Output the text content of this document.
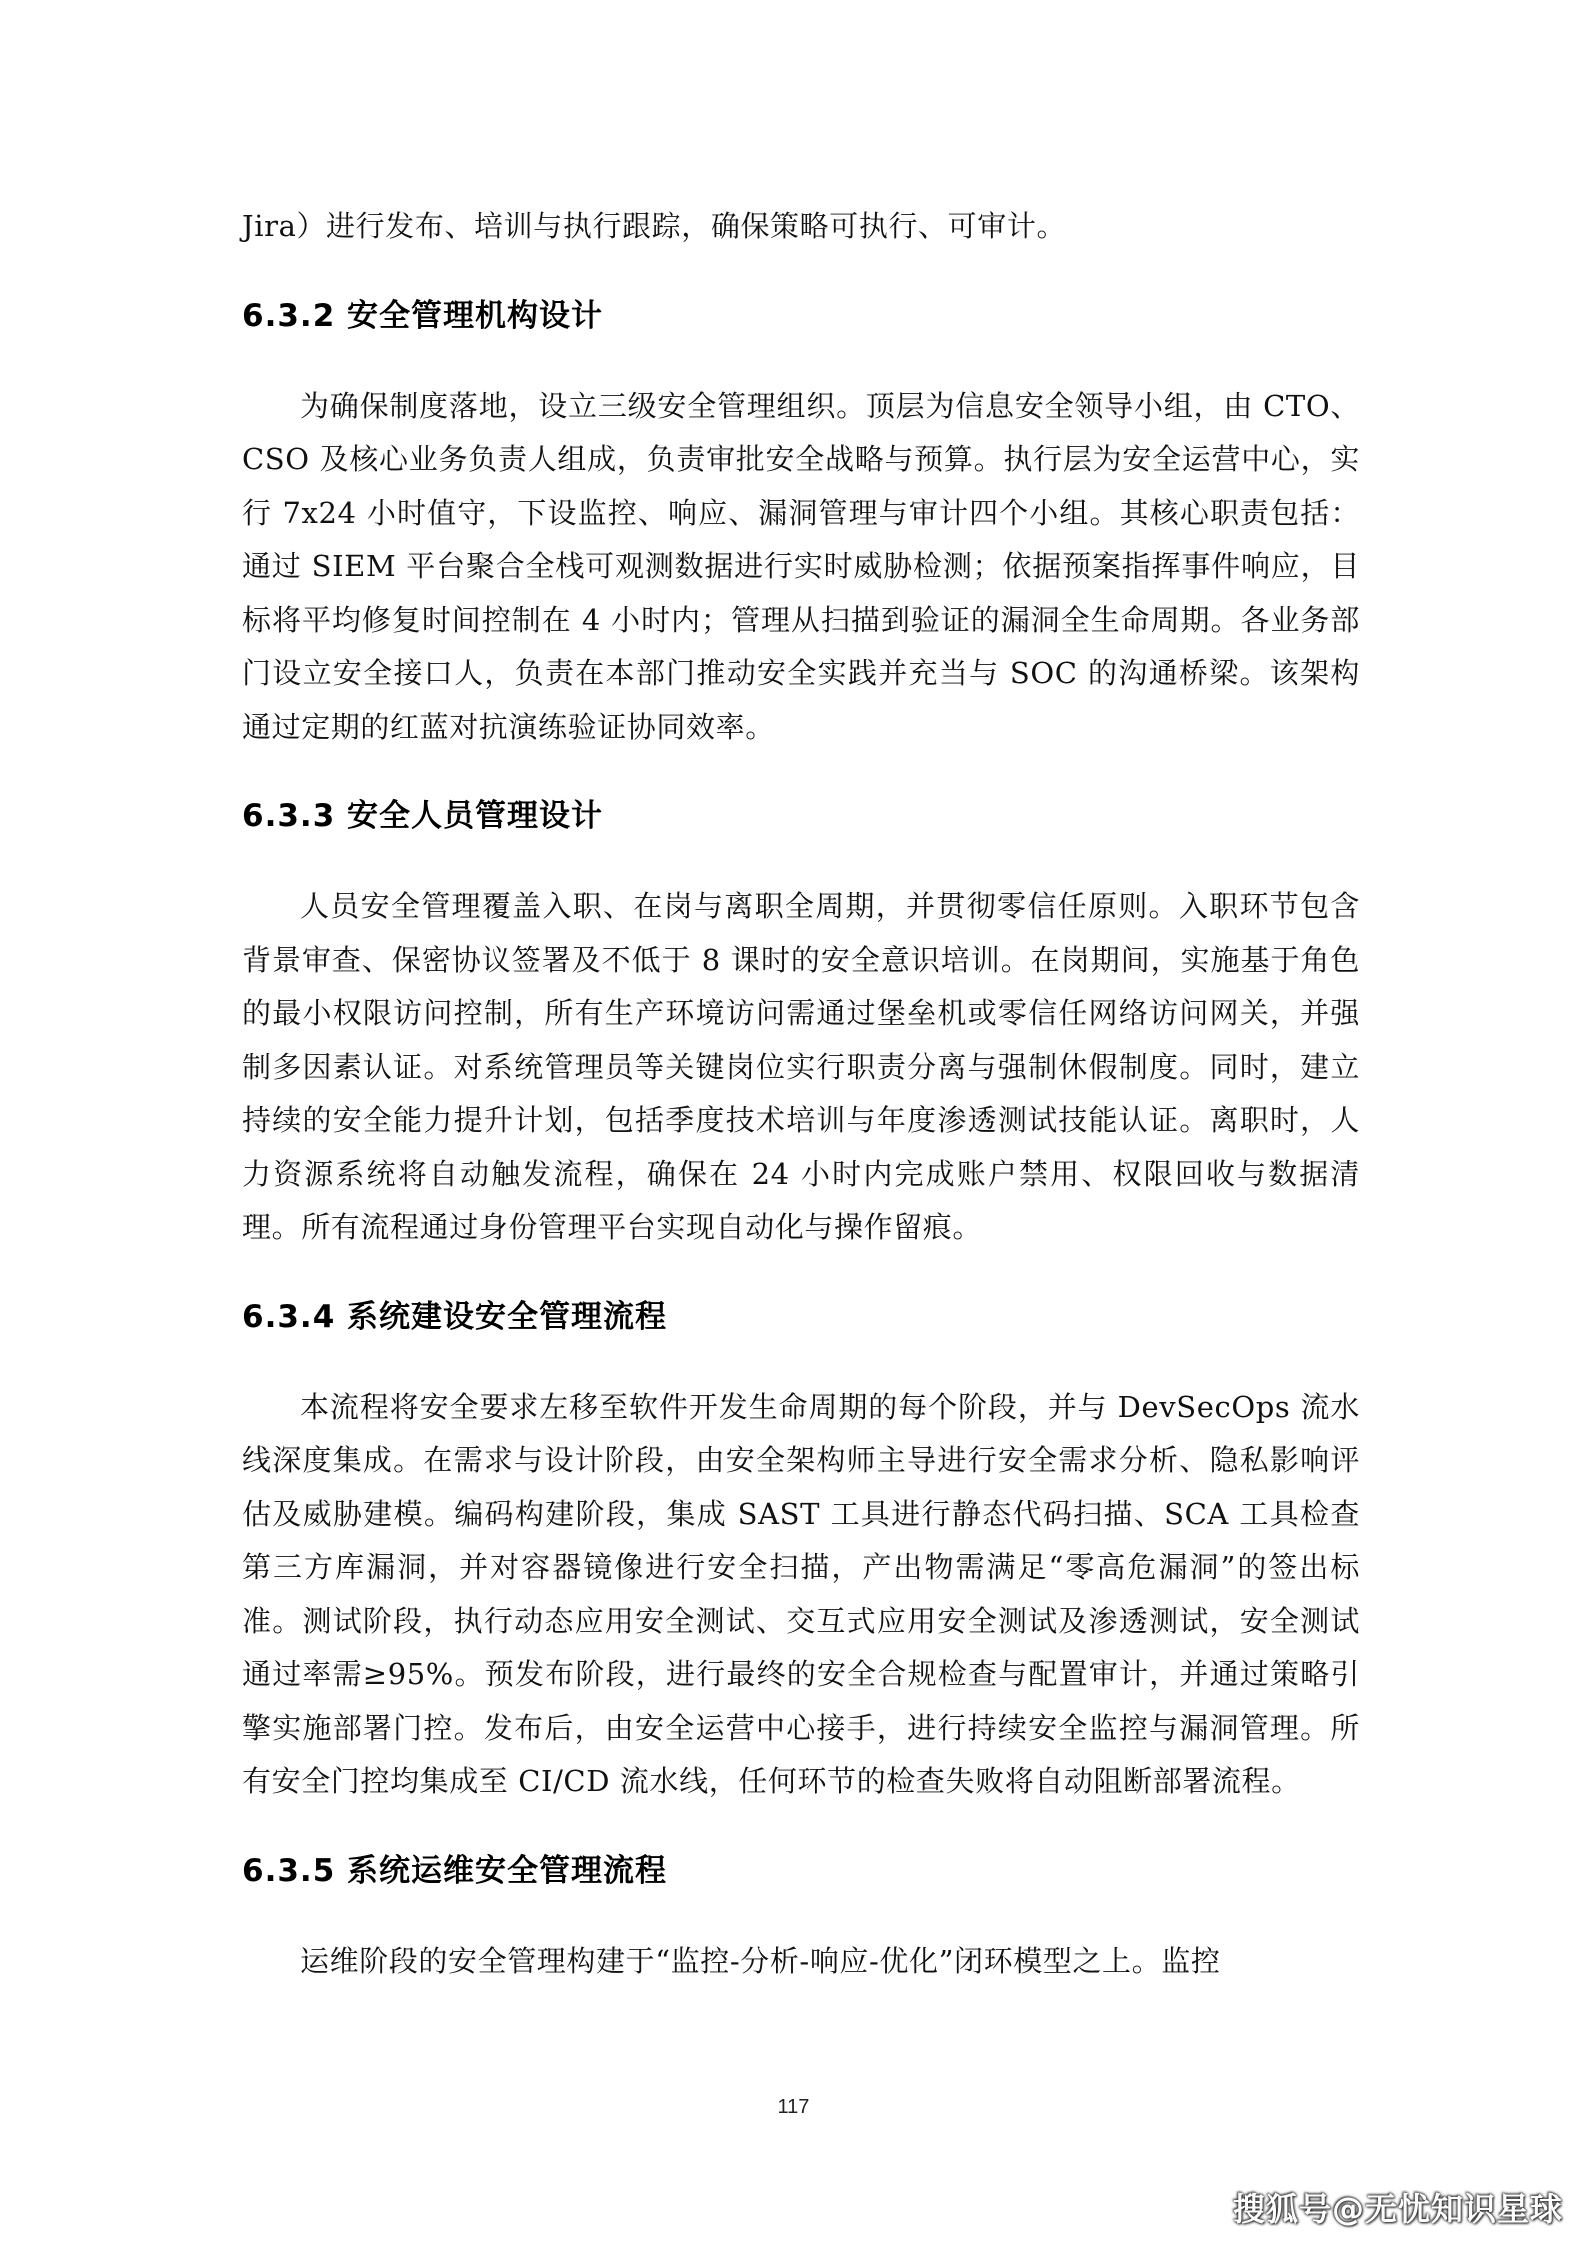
Jira）进行发布、培训与执行跟踪，确保策略可执行、可审计。

6.3.2 安全管理机构设计

为确保制度落地，设立三级安全管理组织。顶层为信息安全领导小组，由 CTO、CSO 及核心业务负责人组成，负责审批安全战略与预算。执行层为安全运营中心，实行 7x24 小时值守，下设监控、响应、漏洞管理与审计四个小组。其核心职责包括：通过 SIEM 平台聚合全栈可观测数据进行实时威胁检测；依据预案指挥事件响应，目标将平均修复时间控制在 4 小时内；管理从扫描到验证的漏洞全生命周期。各业务部门设立安全接口人，负责在本部门推动安全实践并充当与 SOC 的沟通桥梁。该架构通过定期的红蓝对抗演练验证协同效率。

6.3.3 安全人员管理设计

人员安全管理覆盖入职、在岗与离职全周期，并贯彻零信任原则。入职环节包含背景审查、保密协议签署及不低于 8 课时的安全意识培训。在岗期间，实施基于角色的最小权限访问控制，所有生产环境访问需通过堡垒机或零信任网络访问网关，并强制多因素认证。对系统管理员等关键岗位实行职责分离与强制休假制度。同时，建立持续的安全能力提升计划，包括季度技术培训与年度渗透测试技能认证。离职时，人力资源系统将自动触发流程，确保在 24 小时内完成账户禁用、权限回收与数据清理。所有流程通过身份管理平台实现自动化与操作留痕。

6.3.4 系统建设安全管理流程

本流程将安全要求左移至软件开发生命周期的每个阶段，并与 DevSecOps 流水线深度集成。在需求与设计阶段，由安全架构师主导进行安全需求分析、隐私影响评估及威胁建模。编码构建阶段，集成 SAST 工具进行静态代码扫描、SCA 工具检查第三方库漏洞，并对容器镜像进行安全扫描，产出物需满足“零高危漏洞”的签出标准。测试阶段，执行动态应用安全测试、交互式应用安全测试及渗透测试，安全测试通过率需≥95%。预发布阶段，进行最终的安全合规检查与配置审计，并通过策略引擎实施部署门控。发布后，由安全运营中心接手，进行持续安全监控与漏洞管理。所有安全门控均集成至 CI/CD 流水线，任何环节的检查失败将自动阻断部署流程。

6.3.5 系统运维安全管理流程

运维阶段的安全管理构建于“监控-分析-响应-优化”闭环模型之上。监控

117
搜狐号@无忧知识星球
